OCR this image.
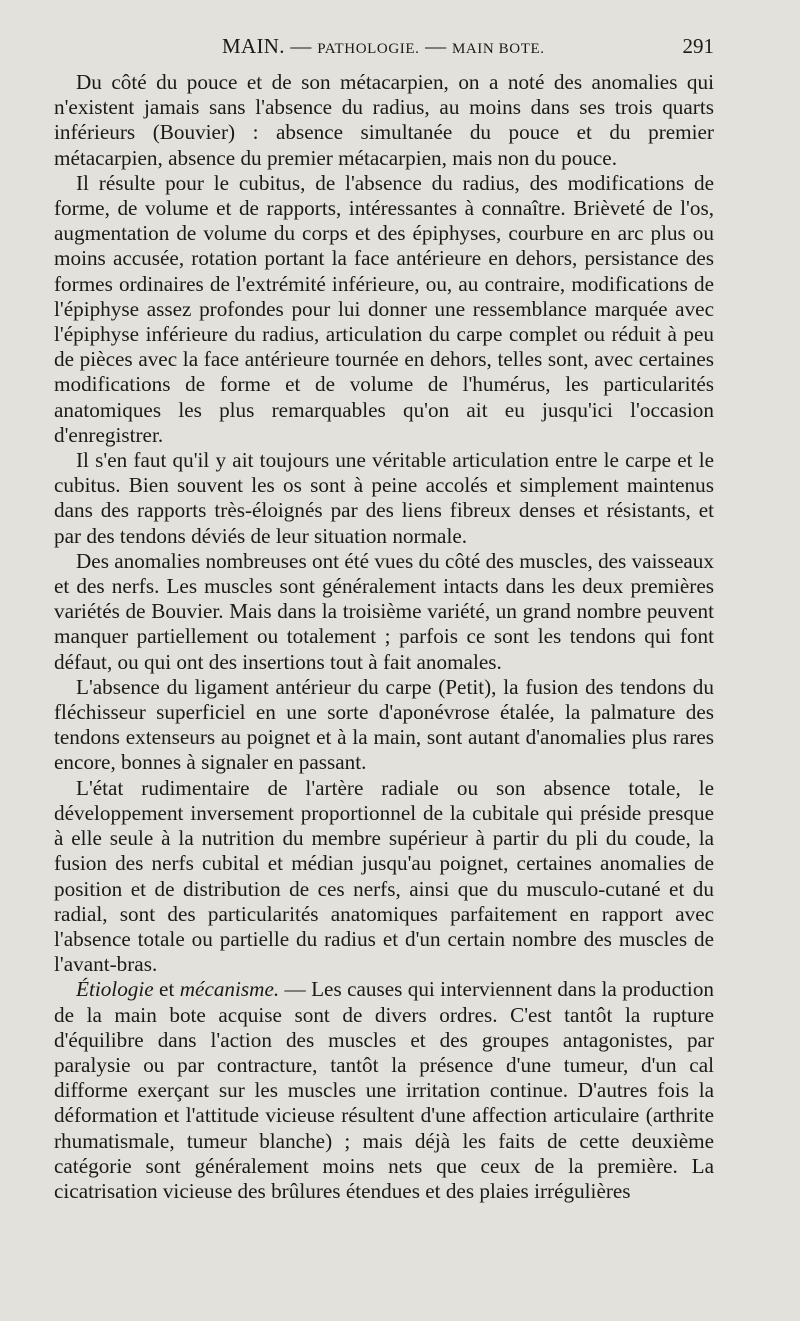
MAIN. — PATHOLOGIE. — MAIN BOTE.	291

Du côté du pouce et de son métacarpien, on a noté des anomalies qui n'existent jamais sans l'absence du radius, au moins dans ses trois quarts inférieurs (Bouvier) : absence simultanée du pouce et du premier métacarpien, absence du premier métacarpien, mais non du pouce.

Il résulte pour le cubitus, de l'absence du radius, des modifications de forme, de volume et de rapports, intéressantes à connaître. Brièveté de l'os, augmentation de volume du corps et des épiphyses, courbure en arc plus ou moins accusée, rotation portant la face antérieure en dehors, persistance des formes ordinaires de l'extrémité inférieure, ou, au contraire, modifications de l'épiphyse assez profondes pour lui donner une ressemblance marquée avec l'épiphyse inférieure du radius, articulation du carpe complet ou réduit à peu de pièces avec la face antérieure tournée en dehors, telles sont, avec certaines modifications de forme et de volume de l'humérus, les particularités anatomiques les plus remarquables qu'on ait eu jusqu'ici l'occasion d'enregistrer.

Il s'en faut qu'il y ait toujours une véritable articulation entre le carpe et le cubitus. Bien souvent les os sont à peine accolés et simplement maintenus dans des rapports très-éloignés par des liens fibreux denses et résistants, et par des tendons déviés de leur situation normale.

Des anomalies nombreuses ont été vues du côté des muscles, des vaisseaux et des nerfs. Les muscles sont généralement intacts dans les deux premières variétés de Bouvier. Mais dans la troisième variété, un grand nombre peuvent manquer partiellement ou totalement ; parfois ce sont les tendons qui font défaut, ou qui ont des insertions tout à fait anomales.

L'absence du ligament antérieur du carpe (Petit), la fusion des tendons du fléchisseur superficiel en une sorte d'aponévrose étalée, la palmature des tendons extenseurs au poignet et à la main, sont autant d'anomalies plus rares encore, bonnes à signaler en passant.

L'état rudimentaire de l'artère radiale ou son absence totale, le développement inversement proportionnel de la cubitale qui préside presque à elle seule à la nutrition du membre supérieur à partir du pli du coude, la fusion des nerfs cubital et médian jusqu'au poignet, certaines anomalies de position et de distribution de ces nerfs, ainsi que du musculo-cutané et du radial, sont des particularités anatomiques parfaitement en rapport avec l'absence totale ou partielle du radius et d'un certain nombre des muscles de l'avant-bras.

Étiologie et mécanisme. — Les causes qui interviennent dans la production de la main bote acquise sont de divers ordres. C'est tantôt la rupture d'équilibre dans l'action des muscles et des groupes antagonistes, par paralysie ou par contracture, tantôt la présence d'une tumeur, d'un cal difforme exerçant sur les muscles une irritation continue. D'autres fois la déformation et l'attitude vicieuse résultent d'une affection articulaire (arthrite rhumatismale, tumeur blanche) ; mais déjà les faits de cette deuxième catégorie sont généralement moins nets que ceux de la première. La cicatrisation vicieuse des brûlures étendues et des plaies irrégulières
